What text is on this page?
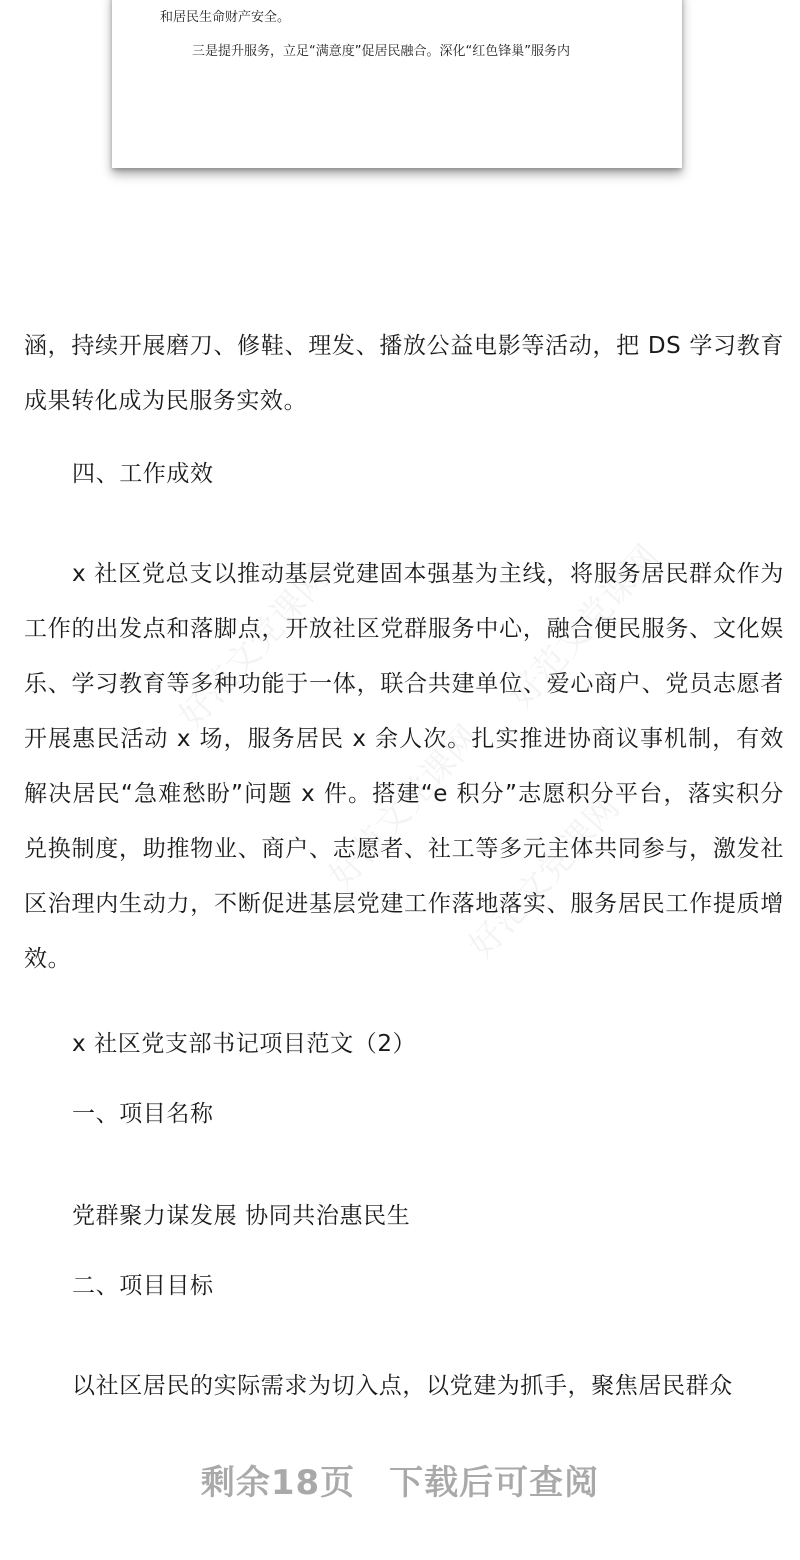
和居民生命财产安全。
三是提升服务，立足“满意度”促居民融合。深化“红色锋巢”服务内
好范文党课网	好范文党课网
好范文党课网
好范文党课网

涵，持续开展磨刀、修鞋、理发、播放公益电影等活动，把 DS 学习教育成果转化成为民服务实效。

四、工作成效

x 社区党总支以推动基层党建固本强基为主线，将服务居民群众作为工作的出发点和落脚点，开放社区党群服务中心，融合便民服务、文化娱乐、学习教育等多种功能于一体，联合共建单位、爱心商户、党员志愿者开展惠民活动 x 场，服务居民 x 余人次。扎实推进协商议事机制，有效解决居民“急难愁盼”问题 x 件。搭建“e 积分”志愿积分平台，落实积分兑换制度，助推物业、商户、志愿者、社工等多元主体共同参与，激发社区治理内生动力，不断促进基层党建工作落地落实、服务居民工作提质增效。

x 社区党支部书记项目范文（2）
一、项目名称
党群聚力谋发展 协同共治惠民生
二、项目目标

以社区居民的实际需求为切入点，以党建为抓手，聚焦居民群众

剩余18页 下载后可查阅
